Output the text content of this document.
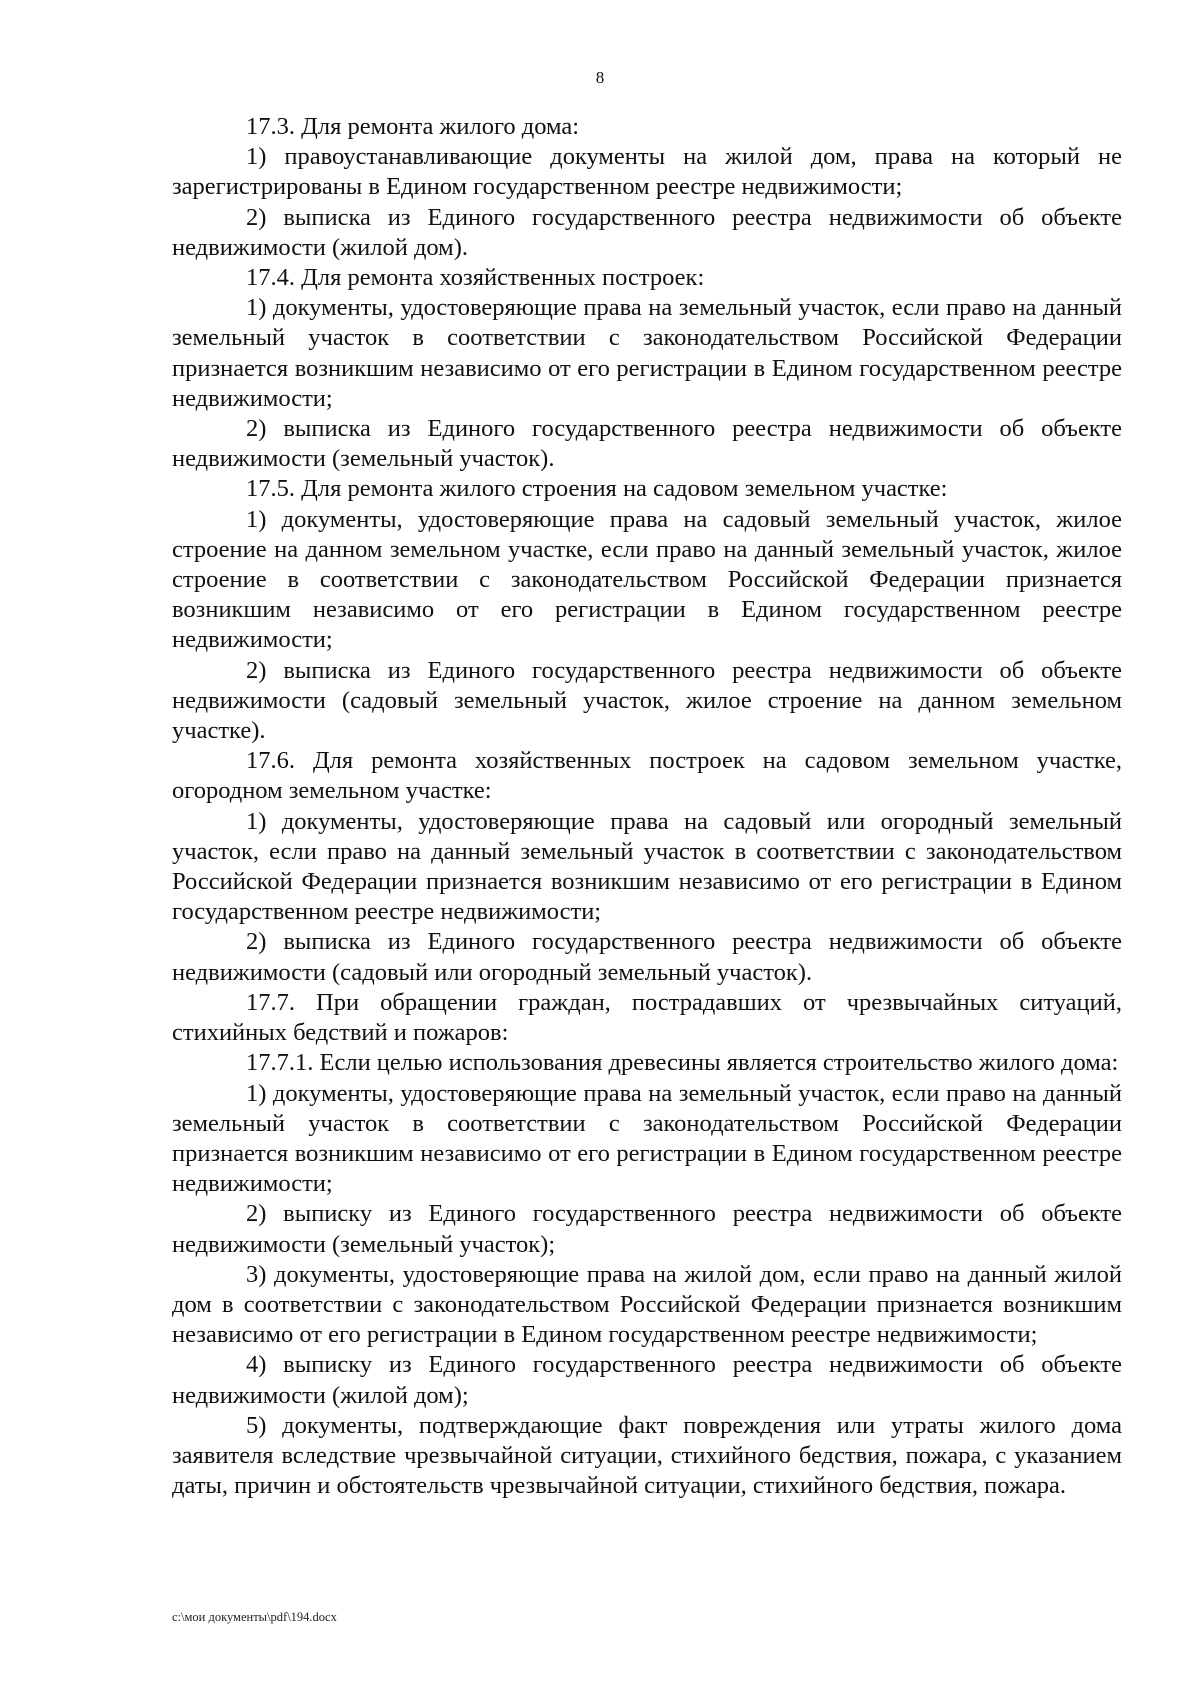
8

17.3. Для ремонта жилого дома:

1) правоустанавливающие документы на жилой дом, права на который не зарегистрированы в Едином государственном реестре недвижимости;

2) выписка из Единого государственного реестра недвижимости об объекте недвижимости (жилой дом).

17.4. Для ремонта хозяйственных построек:

1) документы, удостоверяющие права на земельный участок, если право на данный земельный участок в соответствии с законодательством Российской Федерации признается возникшим независимо от его регистрации в Едином государственном реестре недвижимости;

2) выписка из Единого государственного реестра недвижимости об объекте недвижимости (земельный участок).

17.5. Для ремонта жилого строения на садовом земельном участке:

1) документы, удостоверяющие права на садовый земельный участок, жилое строение на данном земельном участке, если право на данный земельный участок, жилое строение в соответствии с законодательством Российской Федерации признается возникшим независимо от его регистрации в Едином государственном реестре недвижимости;

2) выписка из Единого государственного реестра недвижимости об объекте недвижимости (садовый земельный участок, жилое строение на данном земельном участке).

17.6. Для ремонта хозяйственных построек на садовом земельном участке, огородном земельном участке:

1) документы, удостоверяющие права на садовый или огородный земельный участок, если право на данный земельный участок в соответствии с законодательством Российской Федерации признается возникшим независимо от его регистрации в Едином государственном реестре недвижимости;

2) выписка из Единого государственного реестра недвижимости об объекте недвижимости (садовый или огородный земельный участок).

17.7. При обращении граждан, пострадавших от чрезвычайных ситуаций, стихийных бедствий и пожаров:

17.7.1. Если целью использования древесины является строительство жилого дома:

1) документы, удостоверяющие права на земельный участок, если право на данный земельный участок в соответствии с законодательством Российской Федерации признается возникшим независимо от его регистрации в Едином государственном реестре недвижимости;

2) выписку из Единого государственного реестра недвижимости об объекте недвижимости (земельный участок);

3) документы, удостоверяющие права на жилой дом, если право на данный жилой дом в соответствии с законодательством Российской Федерации признается возникшим независимо от его регистрации в Едином государственном реестре недвижимости;

4) выписку из Единого государственного реестра недвижимости об объекте недвижимости (жилой дом);

5) документы, подтверждающие факт повреждения или утраты жилого дома заявителя вследствие чрезвычайной ситуации, стихийного бедствия, пожара, с указанием даты, причин и обстоятельств чрезвычайной ситуации, стихийного бедствия, пожара.

c:\мои документы\pdf\194.docx
